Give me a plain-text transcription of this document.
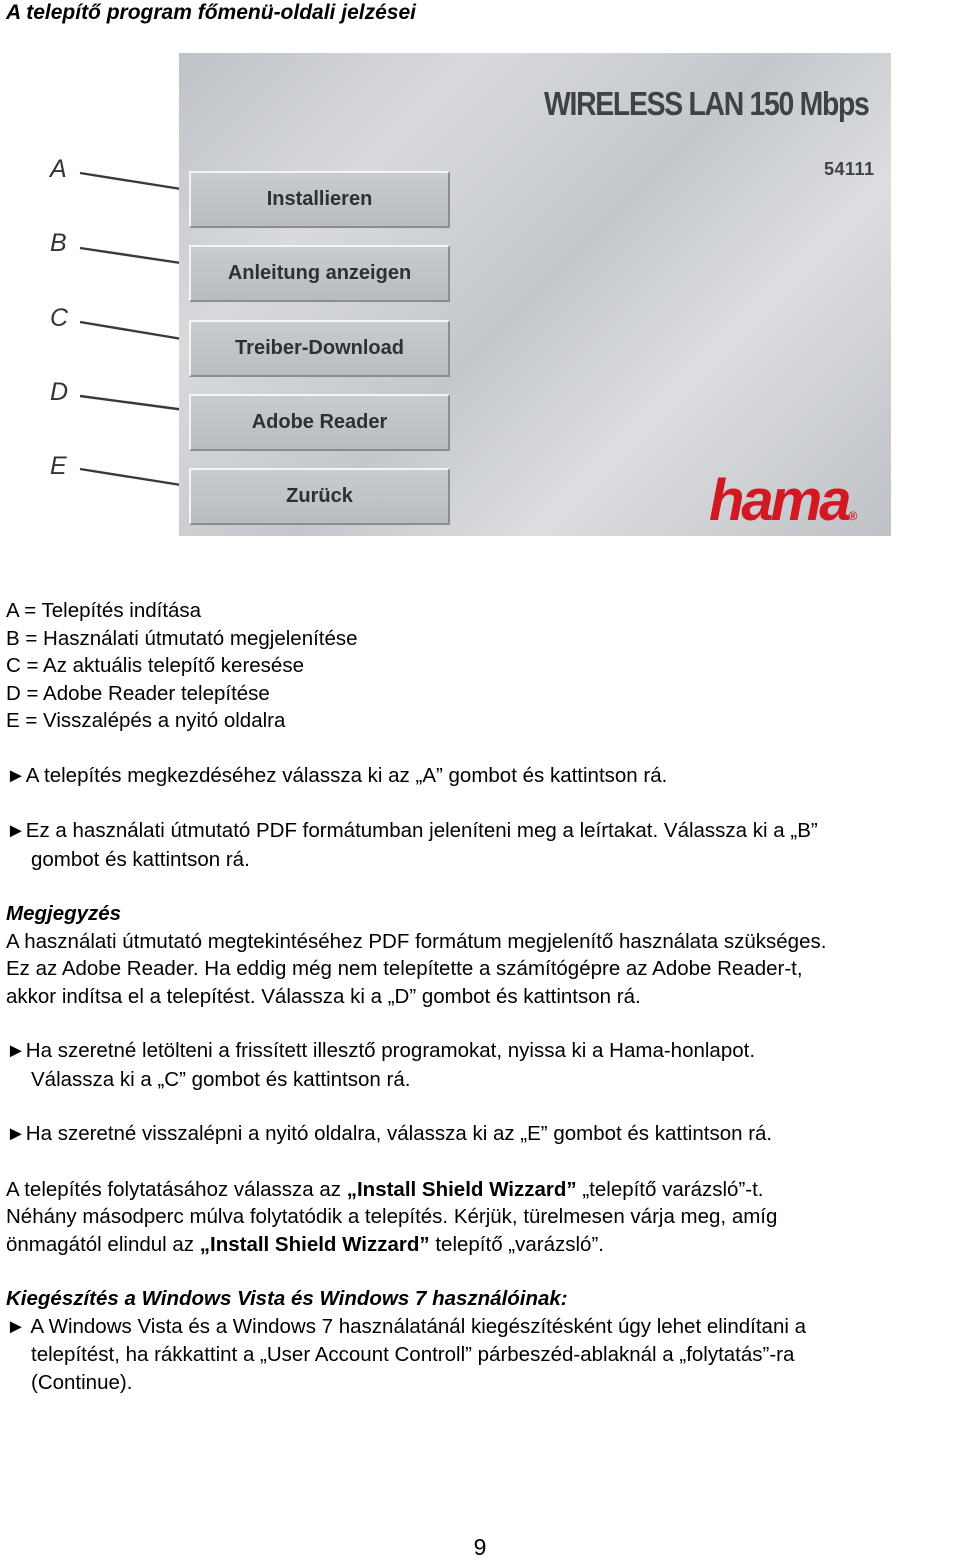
A telepítő program főmenü-oldali jelzései
A
B
C
D
E
WIRELESS LAN 150 Mbps
54111
Installieren
Anleitung anzeigen
Treiber-Download
Adobe Reader
Zurück	hama®

A = Telepítés indítása

B = Használati útmutató megjelenítése

C = Az aktuális telepítő keresése

D = Adobe Reader telepítése

E = Visszalépés a nyitó oldalra

►A telepítés megkezdéséhez válassza ki az „A” gombot és kattintson rá.

►Ez a használati útmutató PDF formátumban jeleníteni meg a leírtakat. Válassza ki a „B”

gombot és kattintson rá.

Megjegyzés

A használati útmutató megtekintéséhez PDF formátum megjelenítő használata szükséges.

Ez az Adobe Reader. Ha eddig még nem telepítette a számítógépre az Adobe Reader-t,

akkor indítsa el a telepítést. Válassza ki a „D” gombot és kattintson rá.

►Ha szeretné letölteni a frissített illesztő programokat, nyissa ki a Hama-honlapot.

Válassza ki a „C” gombot és kattintson rá.

►Ha szeretné visszalépni a nyitó oldalra, válassza ki az „E” gombot és kattintson rá.

A telepítés folytatásához válassza az „Install Shield Wizzard” „telepítő varázsló”-t.

Néhány másodperc múlva folytatódik a telepítés. Kérjük, türelmesen várja meg, amíg

önmagától elindul az „Install Shield Wizzard” telepítő „varázsló”.

Kiegészítés a Windows Vista és Windows 7 használóinak:

► A Windows Vista és a Windows 7 használatánál kiegészítésként úgy lehet elindítani a

telepítést, ha rákkattint a „User Account Controll” párbeszéd-ablaknál a „folytatás”-ra

(Continue).

9
